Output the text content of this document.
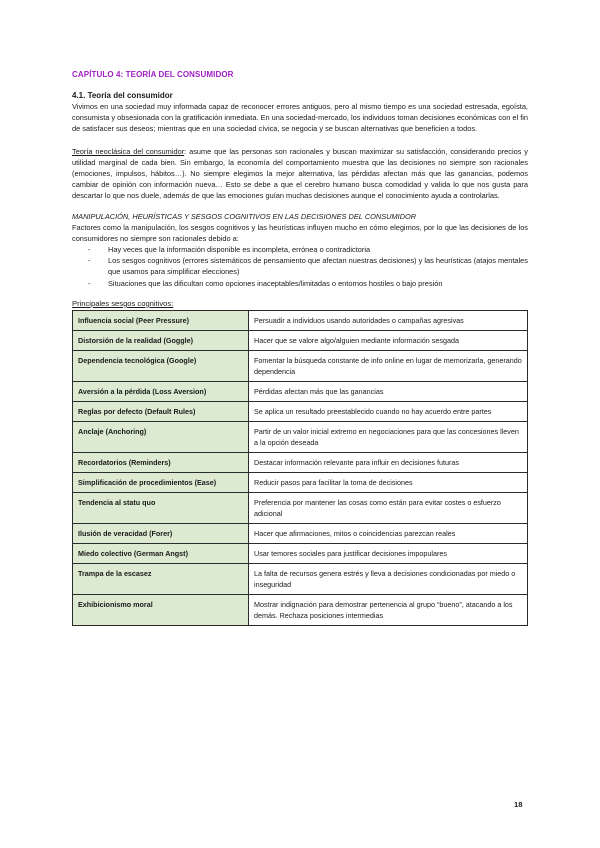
CAPÍTULO 4: TEORÍA DEL CONSUMIDOR
4.1. Teoría del consumidor

Vivimos en una sociedad muy informada capaz de reconocer errores antiguos, pero al mismo tiempo es una sociedad estresada, egoísta, consumista y obsesionada con la gratificación inmediata. En una sociedad-mercado, los individuos toman decisiones económicas con el fin de satisfacer sus deseos; mientras que en una sociedad cívica, se negocia y se buscan alternativas que beneficien a todos.

Teoría neoclásica del consumidor: asume que las personas son racionales y buscan maximizar su satisfacción, considerando precios y utilidad marginal de cada bien. Sin embargo, la economía del comportamiento muestra que las decisiones no siempre son racionales (emociones, impulsos, hábitos…). No siempre elegimos la mejor alternativa, las pérdidas afectan más que las ganancias, podemos cambiar de opinión con información nueva… Esto se debe a que el cerebro humano busca comodidad y valida lo que nos gusta para descartar lo que nos duele, además de que las emociones guían muchas decisiones aunque el conocimiento ayuda a controlarlas.

MANIPULACIÓN, HEURÍSTICAS Y SESGOS COGNITIVOS EN LAS DECISIONES DEL CONSUMIDOR

Factores como la manipulación, los sesgos cognitivos y las heurísticas influyen mucho en cómo elegimos, por lo que las decisiones de los consumidores no siempre son racionales debido a:

- Hay veces que la información disponible es incompleta, errónea o contradictoria
- Los sesgos cognitivos (errores sistemáticos de pensamiento que afectan nuestras decisiones) y las heurísticas (atajos mentales que usamos para simplificar elecciones)
- Situaciones que las dificultan como opciones inaceptables/limitadas o entornos hostiles o bajo presión
Principales sesgos cognitivos:
Influencia social (Peer Pressure)	Persuadir a individuos usando autoridades o campañas agresivas
Distorsión de la realidad (Goggle)	Hacer que se valore algo/alguien mediante información sesgada
Dependencia tecnológica (Google)	Fomentar la búsqueda constante de info online en lugar de memorizarla, generando dependencia
Aversión a la pérdida (Loss Aversion)	Pérdidas afectan más que las ganancias
Reglas por defecto (Default Rules)	Se aplica un resultado preestablecido cuando no hay acuerdo entre partes
Anclaje (Anchoring)	Partir de un valor inicial extremo en negociaciones para que las concesiones lleven a la opción deseada
Recordatorios (Reminders)	Destacar información relevante para influir en decisiones futuras
Simplificación de procedimientos (Ease)	Reducir pasos para facilitar la toma de decisiones
Tendencia al statu quo	Preferencia por mantener las cosas como están para evitar costes o esfuerzo adicional
Ilusión de veracidad (Forer)	Hacer que afirmaciones, mitos o coincidencias parezcan reales
Miedo colectivo (German Angst)	Usar temores sociales para justificar decisiones impopulares
Trampa de la escasez	La falta de recursos genera estrés y lleva a decisiones condicionadas por miedo o inseguridad
Exhibicionismo moral	Mostrar indignación para demostrar pertenencia al grupo “bueno”, atacando a los demás. Rechaza posiciones intermedias
18
